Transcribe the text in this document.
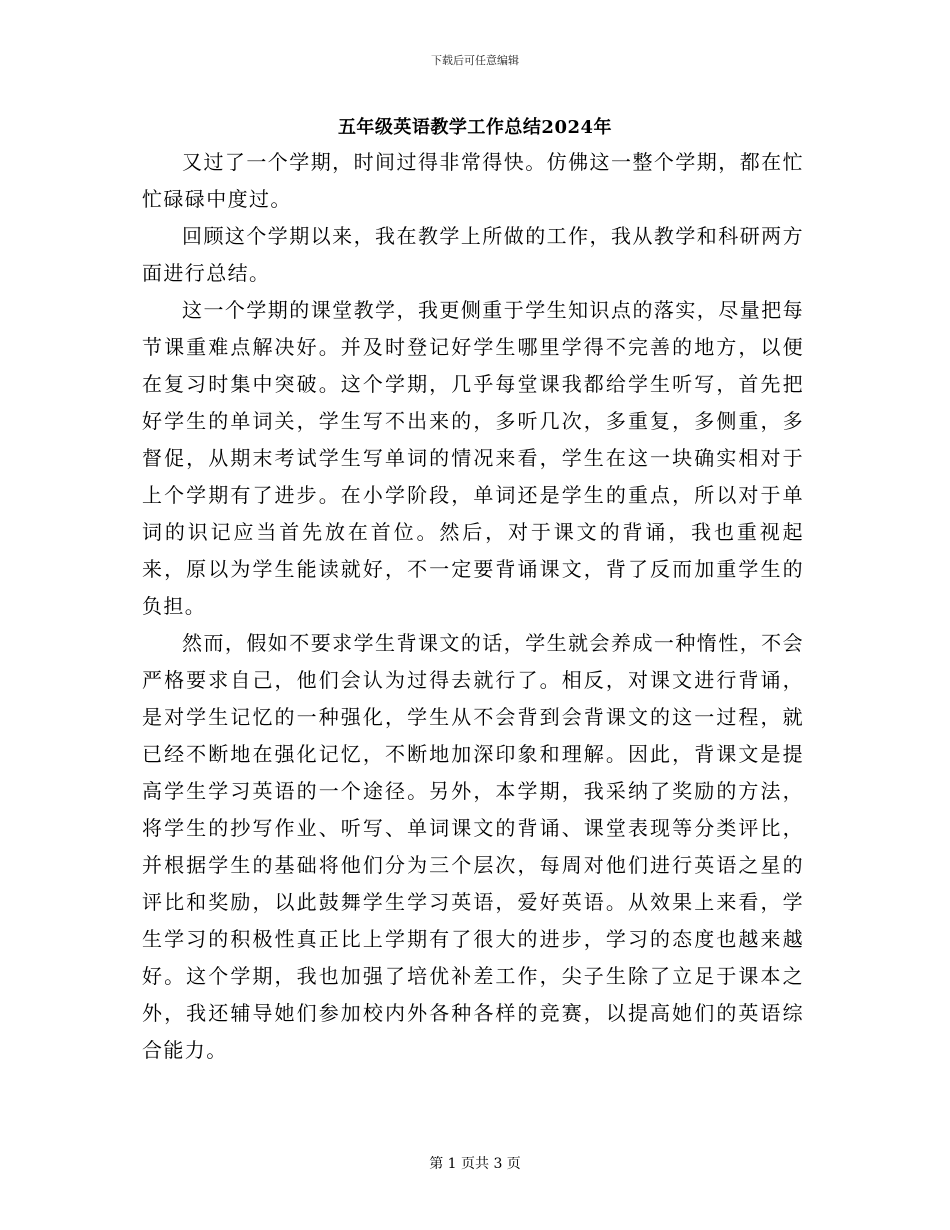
下载后可任意编辑
五年级英语教学工作总结2024年

又过了一个学期，时间过得非常得快。仿佛这一整个学期，都在忙忙碌碌中度过。

回顾这个学期以来，我在教学上所做的工作，我从教学和科研两方面进行总结。

这一个学期的课堂教学，我更侧重于学生知识点的落实，尽量把每节课重难点解决好。并及时登记好学生哪里学得不完善的地方，以便在复习时集中突破。这个学期，几乎每堂课我都给学生听写，首先把好学生的单词关，学生写不出来的，多听几次，多重复，多侧重，多督促，从期末考试学生写单词的情况来看，学生在这一块确实相对于上个学期有了进步。在小学阶段，单词还是学生的重点，所以对于单词的识记应当首先放在首位。然后，对于课文的背诵，我也重视起来，原以为学生能读就好，不一定要背诵课文，背了反而加重学生的负担。

然而，假如不要求学生背课文的话，学生就会养成一种惰性，不会严格要求自己，他们会认为过得去就行了。相反，对课文进行背诵，是对学生记忆的一种强化，学生从不会背到会背课文的这一过程，就已经不断地在强化记忆，不断地加深印象和理解。因此，背课文是提高学生学习英语的一个途径。另外，本学期，我采纳了奖励的方法，将学生的抄写作业、听写、单词课文的背诵、课堂表现等分类评比，并根据学生的基础将他们分为三个层次，每周对他们进行英语之星的评比和奖励，以此鼓舞学生学习英语，爱好英语。从效果上来看，学生学习的积极性真正比上学期有了很大的进步，学习的态度也越来越好。这个学期，我也加强了培优补差工作，尖子生除了立足于课本之外，我还辅导她们参加校内外各种各样的竞赛，以提高她们的英语综合能力。

第 1 页共 3 页
